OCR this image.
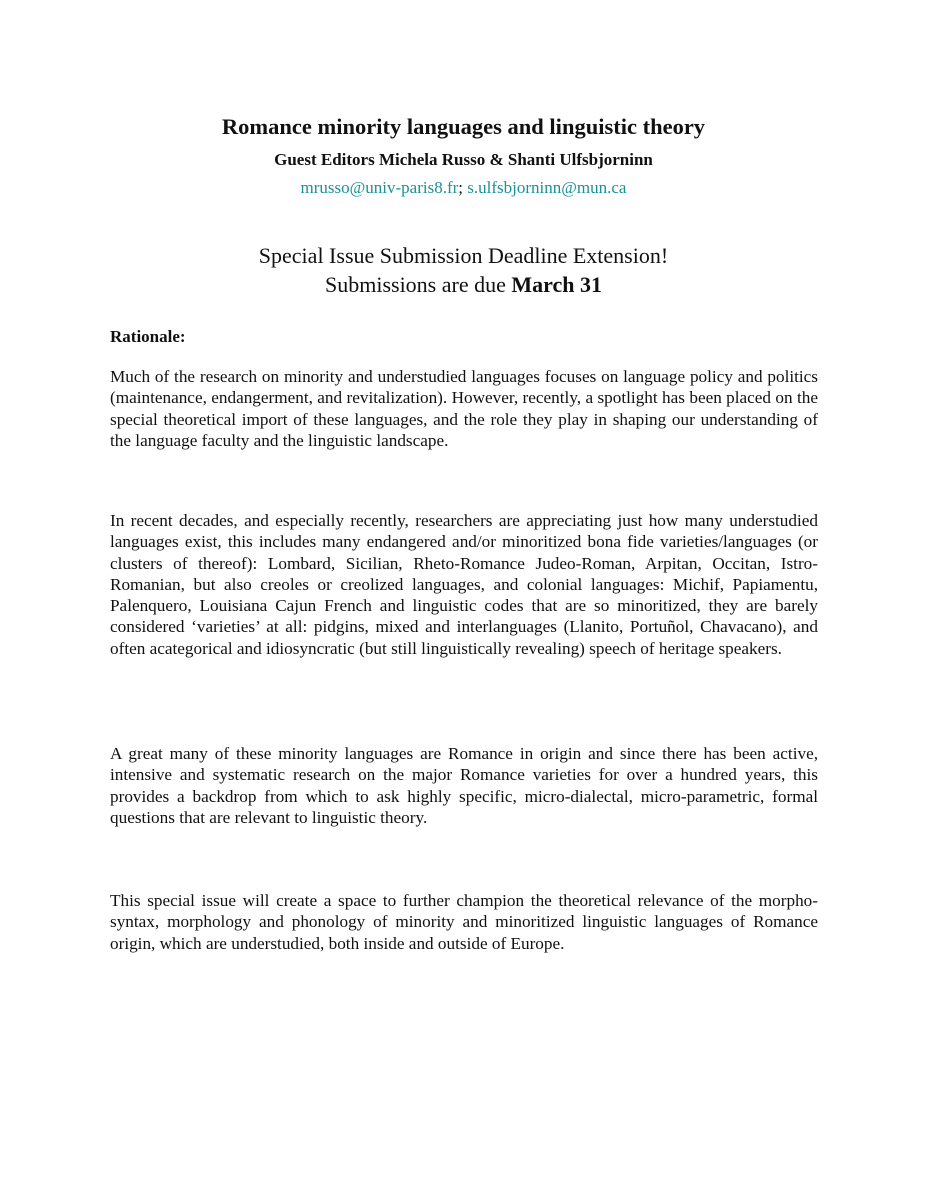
Romance minority languages and linguistic theory
Guest Editors Michela Russo & Shanti Ulfsbjorninn
mrusso@univ-paris8.fr; s.ulfsbjorninn@mun.ca
Special Issue Submission Deadline Extension!
Submissions are due March 31
Rationale:

Much of the research on minority and understudied languages focuses on language policy and politics (maintenance, endangerment, and revitalization). However, recently, a spotlight has been placed on the special theoretical import of these languages, and the role they play in shaping our understanding of the language faculty and the linguistic landscape.

In recent decades, and especially recently, researchers are appreciating just how many understudied languages exist, this includes many endangered and/or minoritized bona fide varieties/languages (or clusters of thereof): Lombard, Sicilian, Rheto-Romance Judeo-Roman, Arpitan, Occitan, Istro-Romanian, but also creoles or creolized languages, and colonial languages: Michif, Papiamentu, Palenquero, Louisiana Cajun French and linguistic codes that are so minoritized, they are barely considered ‘varieties’ at all: pidgins, mixed and interlanguages (Llanito, Portuñol, Chavacano), and often acategorical and idiosyncratic (but still linguistically revealing) speech of heritage speakers.

A great many of these minority languages are Romance in origin and since there has been active, intensive and systematic research on the major Romance varieties for over a hundred years, this provides a backdrop from which to ask highly specific, micro-dialectal, micro-parametric, formal questions that are relevant to linguistic theory.

This special issue will create a space to further champion the theoretical relevance of the morpho-syntax, morphology and phonology of minority and minoritized linguistic languages of Romance origin, which are understudied, both inside and outside of Europe.
